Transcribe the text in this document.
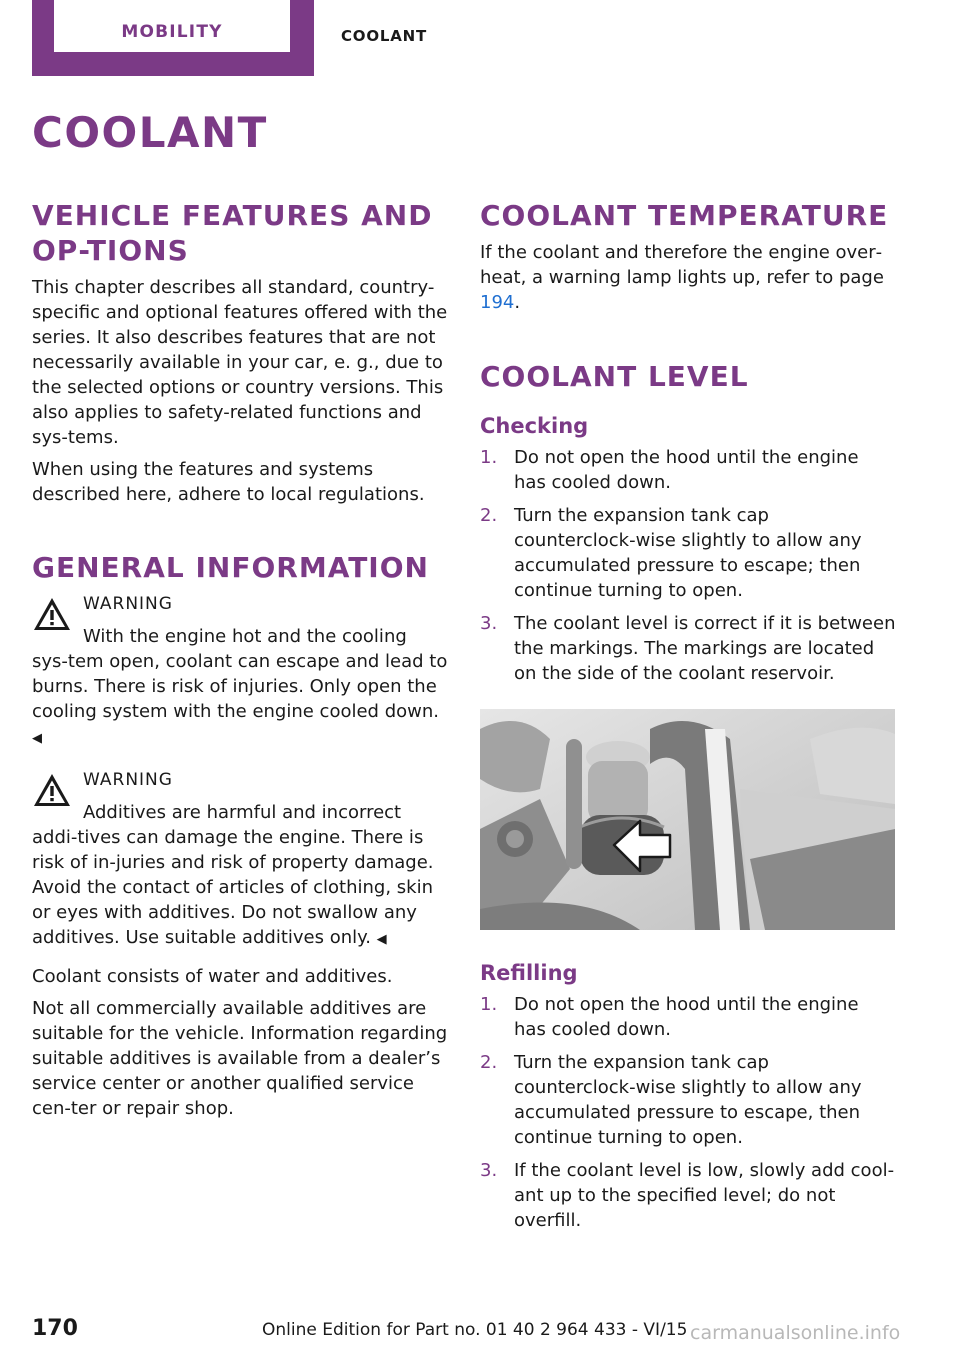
MOBILITY	COOLANT
COOLANT
VEHICLE FEATURES AND OP‐TIONS

This chapter describes all standard, country-specific and optional features offered with the series. It also describes features that are not necessarily available in your car, e. g., due to the selected options or country versions. This also applies to safety-related functions and sys‐tems.

When using the features and systems described here, adhere to local regulations.

GENERAL INFORMATION
WARNING

With the engine hot and the cooling sys‐tem open, coolant can escape and lead to burns. There is risk of injuries. Only open the cooling system with the engine cooled down. ◀

WARNING

Additives are harmful and incorrect addi‐tives can damage the engine. There is risk of in‐juries and risk of property damage. Avoid the contact of articles of clothing, skin or eyes with additives. Do not swallow any additives. Use suitable additives only. ◀

Coolant consists of water and additives.

Not all commercially available additives are suitable for the vehicle. Information regarding suitable additives is available from a dealer’s service center or another qualified service cen‐ter or repair shop.

COOLANT TEMPERATURE

If the coolant and therefore the engine over‐heat, a warning lamp lights up, refer to page 194.

COOLANT LEVEL
Checking
1. Do not open the hood until the engine has cooled down.
2. Turn the expansion tank cap counterclock‐wise slightly to allow any accumulated pressure to escape; then continue turning to open.
3. The coolant level is correct if it is between the markings. The markings are located on the side of the coolant reservoir.
Refilling
1. Do not open the hood until the engine has cooled down.
2. Turn the expansion tank cap counterclock‐wise slightly to allow any accumulated pressure to escape, then continue turning to open.
3. If the coolant level is low, slowly add cool‐ant up to the specified level; do not overfill.
170	Online Edition for Part no. 01 40 2 964 433 - VI/15 carmanualsonline.info
